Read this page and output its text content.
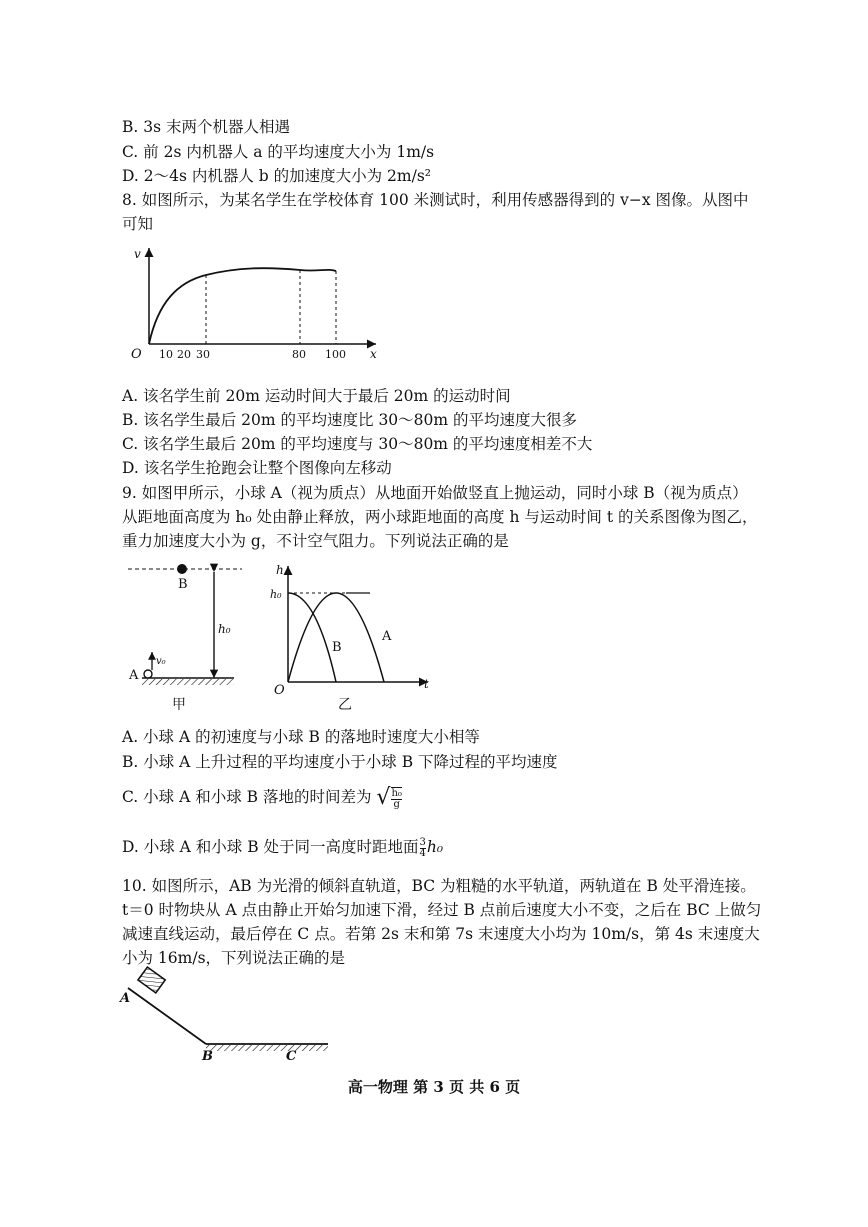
B. 3s 末两个机器人相遇
C. 前 2s 内机器人 a 的平均速度大小为 1m/s
D. 2～4s 内机器人 b 的加速度大小为 2m/s²
8. 如图所示，为某名学生在学校体育 100 米测试时，利用传感器得到的 v−x 图像。从图中
可知
v
O	x
10 20 30	80 100
A. 该名学生前 20m 运动时间大于最后 20m 的运动时间
B. 该名学生最后 20m 的平均速度比 30～80m 的平均速度大很多
C. 该名学生最后 20m 的平均速度与 30～80m 的平均速度相差不大
D. 该名学生抢跑会让整个图像向左移动
9. 如图甲所示，小球 A（视为质点）从地面开始做竖直上抛运动，同时小球 B（视为质点）
从距地面高度为 h₀ 处由静止释放，两小球距地面的高度 h 与运动时间 t 的关系图像为图乙，
重力加速度大小为 g，不计空气阻力。下列说法正确的是
B
h₀
v₀
A
甲
h
t
h₀
O
B
A
乙
A. 小球 A 的初速度与小球 B 的落地时速度大小相等
B. 小球 A 上升过程的平均速度小于小球 B 下降过程的平均速度
C. 小球 A 和小球 B 落地的时间差为 √ $\frac{\text{h₀}}{g}$
D. 小球 A 和小球 B 处于同一高度时距地面 $\frac{3}{4} h_0$
10. 如图所示，AB 为光滑的倾斜直轨道，BC 为粗糙的水平轨道，两轨道在 B 处平滑连接。
t＝0 时物块从 A 点由静止开始匀加速下滑，经过 B 点前后速度大小不变，之后在 BC 上做匀
减速直线运动，最后停在 C 点。若第 2s 末和第 7s 末速度大小均为 10m/s，第 4s 末速度大
小为 16m/s，下列说法正确的是
A
B	C
高一物理 第 3 页 共 6 页
